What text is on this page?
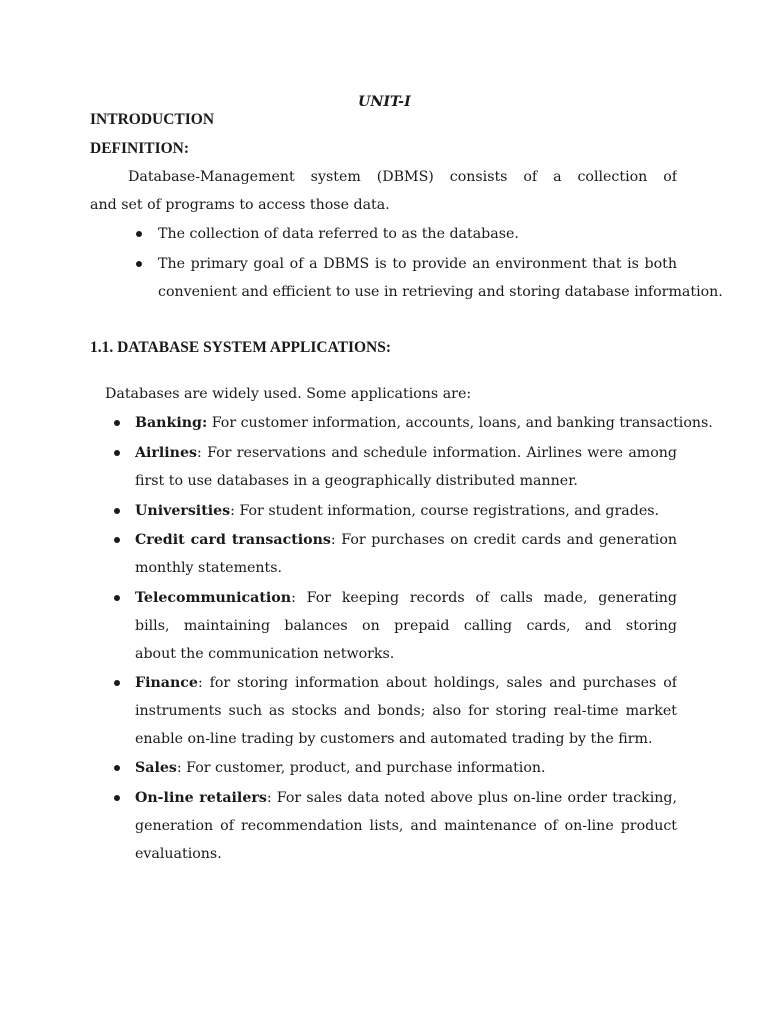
UNIT-I
INTRODUCTION
DEFINITION:
Database-Management system (DBMS) consists of a collection of
and set of programs to access those data.
The collection of data referred to as the database.
The primary goal of a DBMS is to provide an environment that is both
convenient and efficient to use in retrieving and storing database information.
1.1. DATABASE SYSTEM APPLICATIONS:
Databases are widely used. Some applications are:
Banking: For customer information, accounts, loans, and banking transactions.
Airlines: For reservations and schedule information. Airlines were among
first to use databases in a geographically distributed manner.
Universities: For student information, course registrations, and grades.
Credit card transactions: For purchases on credit cards and generation
monthly statements.
Telecommunication: For keeping records of calls made, generating
bills, maintaining balances on prepaid calling cards, and storing
about the communication networks.
Finance: for storing information about holdings, sales and purchases of
instruments such as stocks and bonds; also for storing real-time market
enable on-line trading by customers and automated trading by the firm.
Sales: For customer, product, and purchase information.
On-line retailers: For sales data noted above plus on-line order tracking,
generation of recommendation lists, and maintenance of on-line product
evaluations.
